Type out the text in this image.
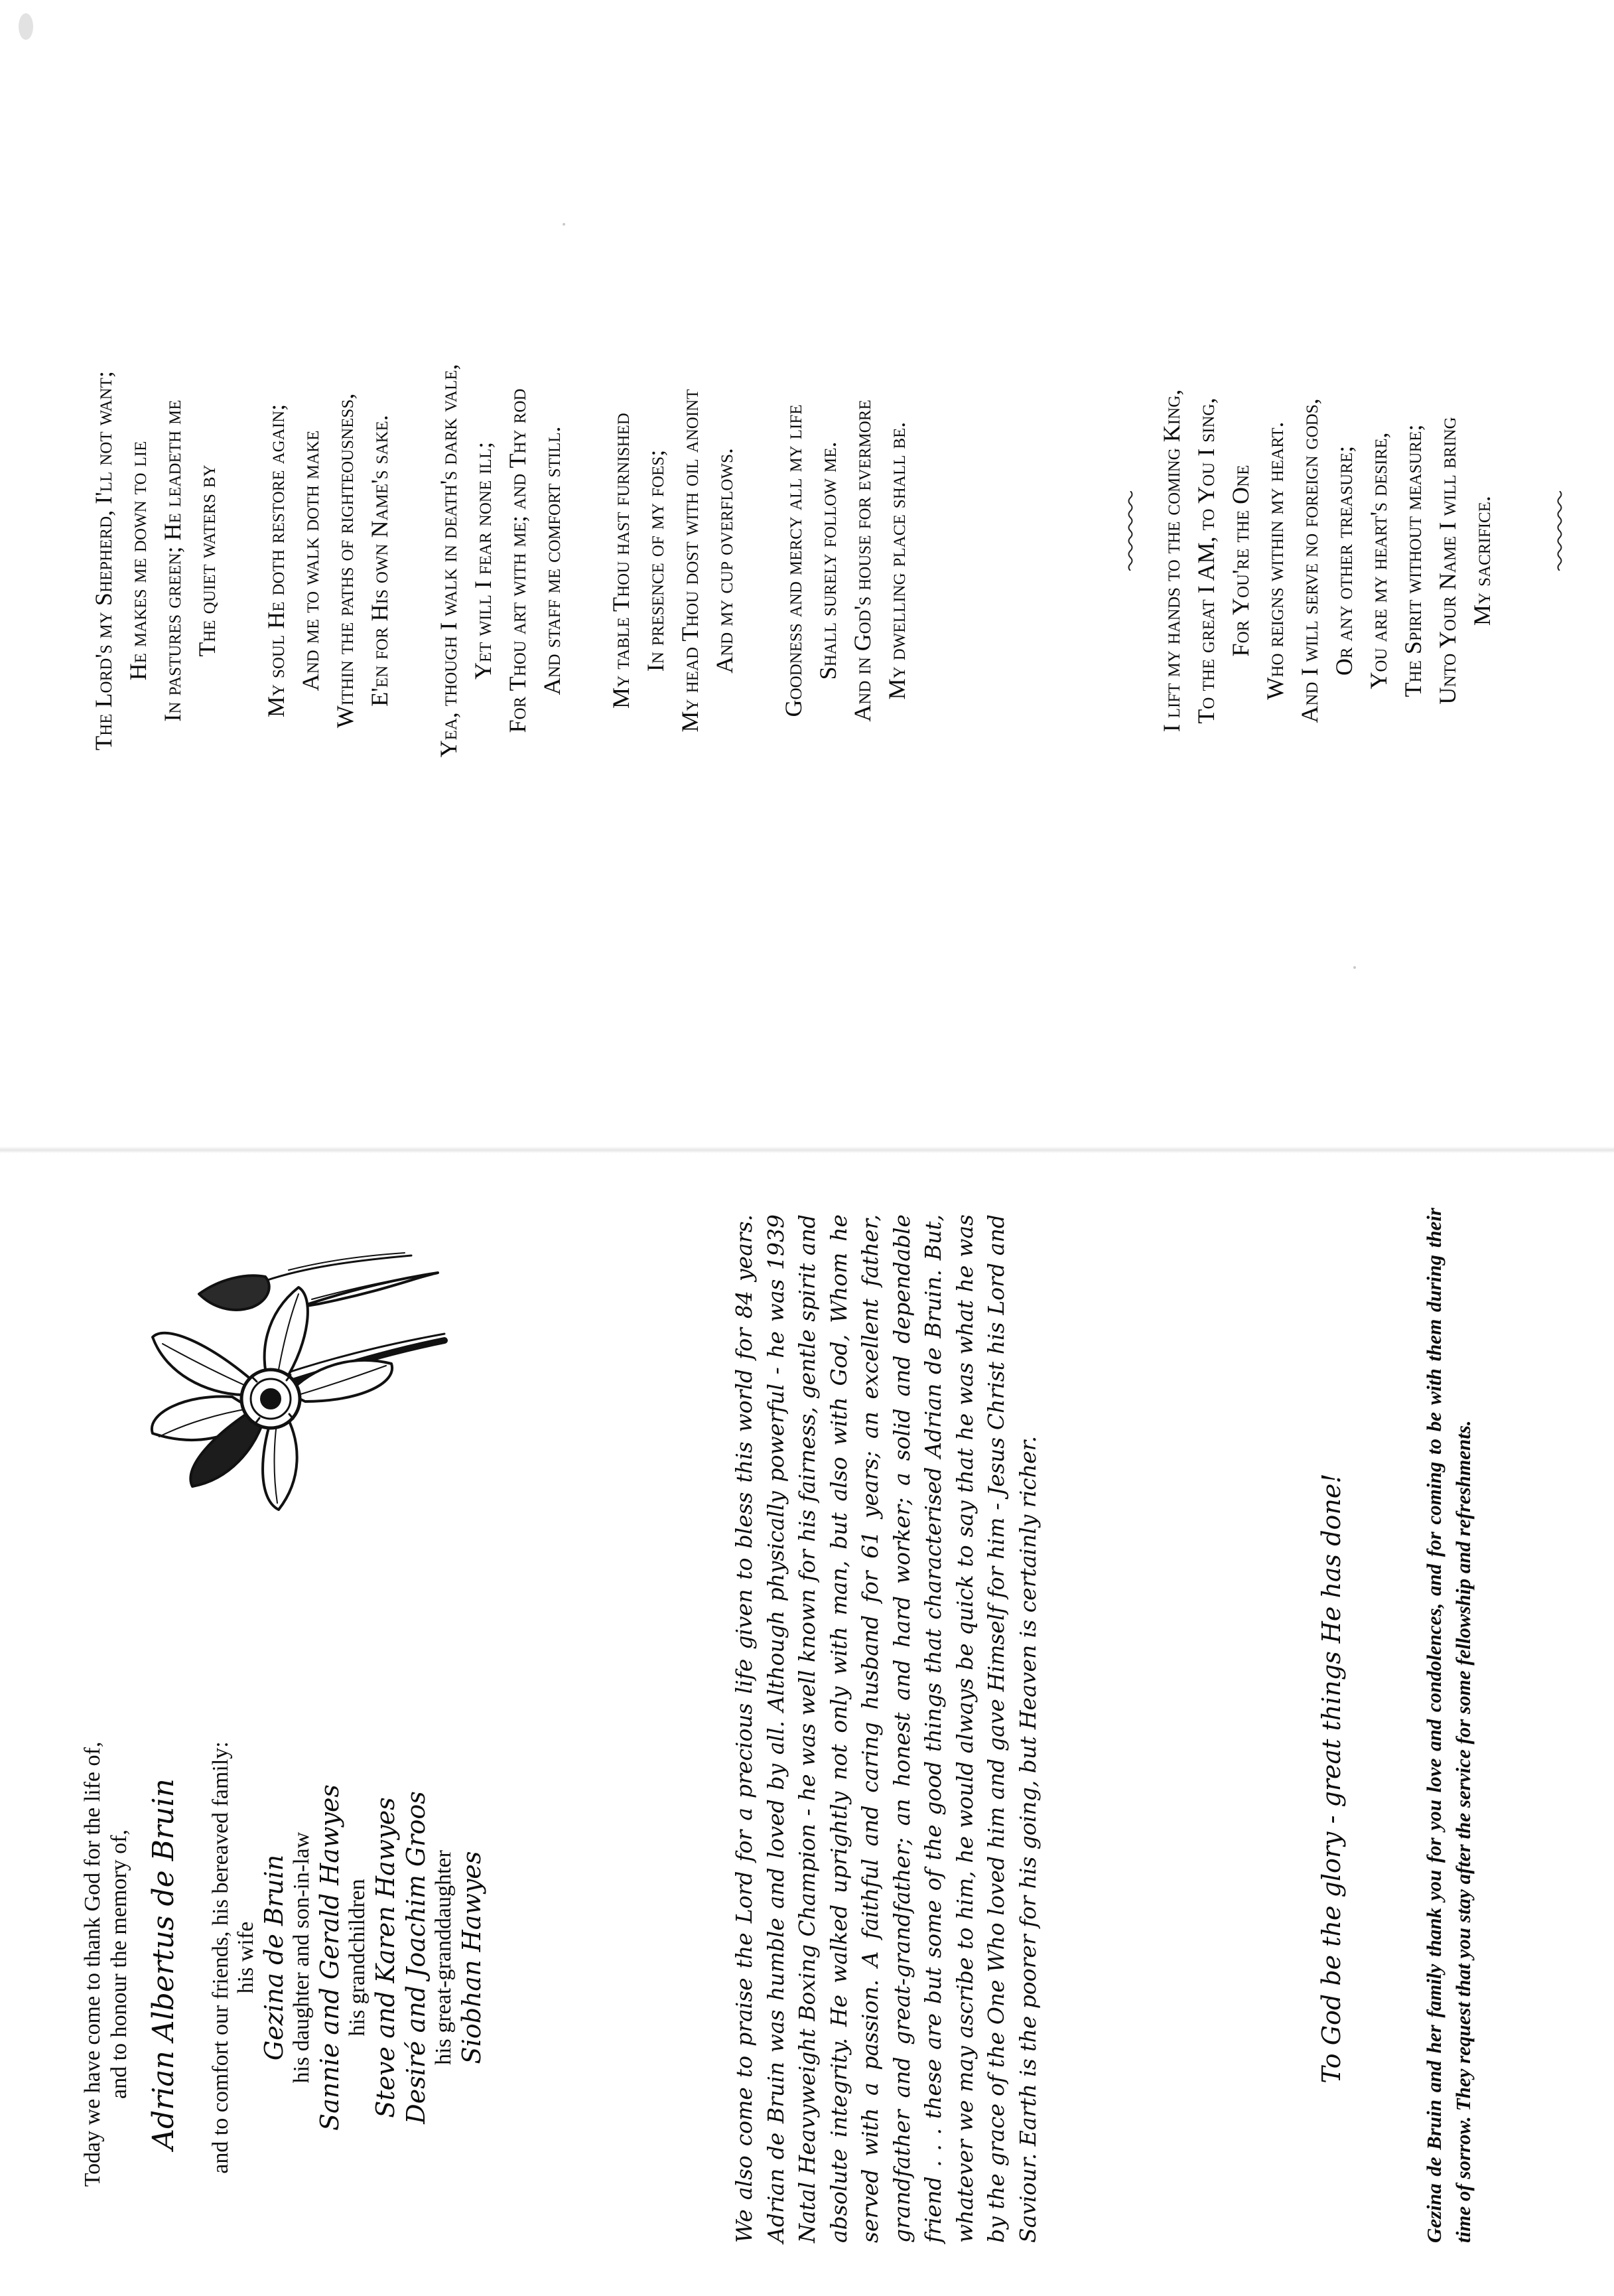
Today we have come to thank God for the life of, and to honour the memory of, Adrian Albertus de Bruin and to comfort our friends, his bereaved family: his wife Gezina de Bruin his daughter and son-in-law Sannie and Gerald Hawyes his grandchildren Steve and Karen Hawyes Desiré and Joachim Groos his great-granddaughter Siobhan Hawyes	We also come to praise the Lord for a precious life given to bless this world for 84 years. Adrian de Bruin was humble and loved by all. Although physically powerful - he was 1939 Natal Heavyweight Boxing Champion - he was well known for his fairness, gentle spirit and absolute integrity. He walked uprightly not only with man, but also with God, Whom he served with a passion. A faithful and caring husband for 61 years; an excellent father, grandfather and great-grandfather; an honest and hard worker; a solid and dependable friend . . . these are but some of the good things that characterised Adrian de Bruin. But, whatever we may ascribe to him, he would always be quick to say that he was what he was by the grace of the One Who loved him and gave Himself for him - Jesus Christ his Lord and Saviour. Earth is the poorer for his going, but Heaven is certainly richer.	To God be the glory - great things He has done!	Gezina de Bruin and her family thank you for you love and condolences, and for coming to be with them during their time of sorrow. They request that you stay after the service for some fellowship and refreshments.

The Lord's my Shepherd, I'll not want; He makes me down to lie In pastures green; He leadeth me The quiet waters by My soul He doth restore again; And me to walk doth make Within the paths of righteousness, E'en for His own Name's sake. Yea, though I walk in death's dark vale, Yet will I fear none ill; For Thou art with me; and Thy rod And staff me comfort still. My table Thou hast furnished In presence of my foes; My head Thou dost with oil anoint And my cup overflows. Goodness and mercy all my life Shall surely follow me. And in God's house for evermore My dwelling place shall be.	I lift my hands to the coming King, To the great I AM, to You I sing, For You're the One Who reigns within my heart. And I will serve no foreign gods, Or any other treasure; You are my heart's desire, The Spirit without measure; Unto Your Name I will bring My sacrifice.
